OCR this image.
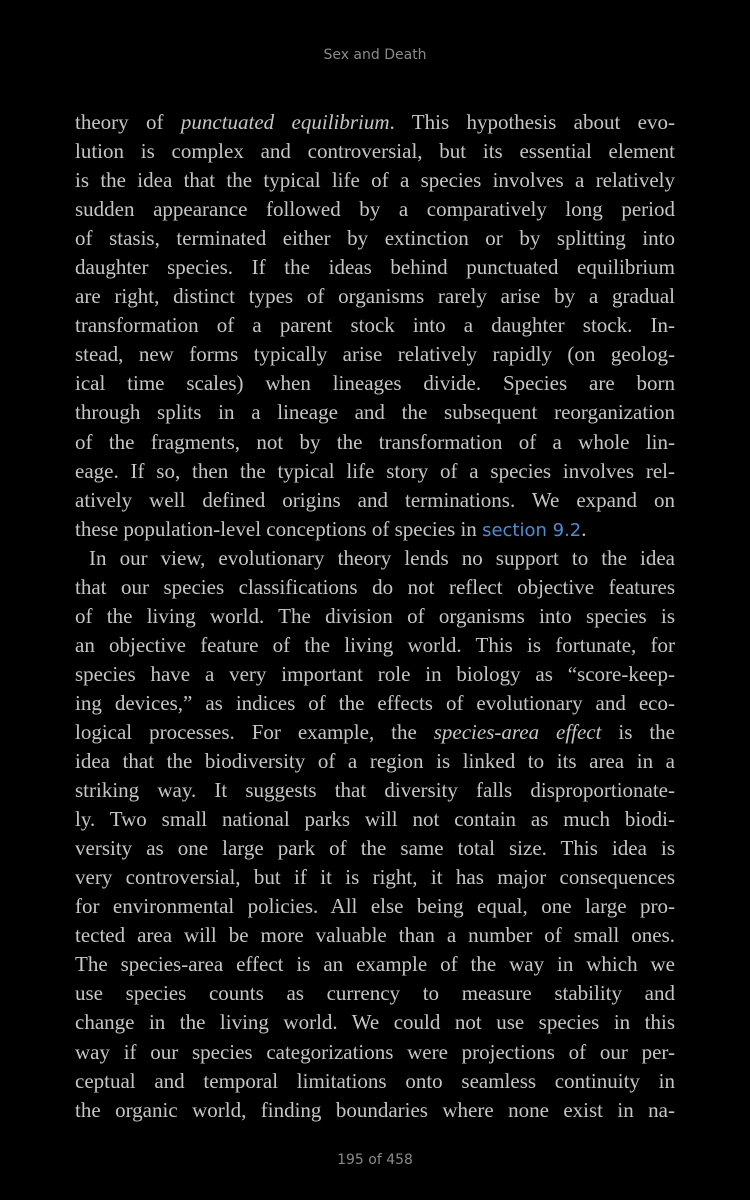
Sex and Death
theory of punctuated equilibrium. This hypothesis about evo-
lution is complex and controversial, but its essential element
is the idea that the typical life of a species involves a relatively
sudden appearance followed by a comparatively long period
of stasis, terminated either by extinction or by splitting into
daughter species. If the ideas behind punctuated equilibrium
are right, distinct types of organisms rarely arise by a gradual
transformation of a parent stock into a daughter stock. In-
stead, new forms typically arise relatively rapidly (on geolog-
ical time scales) when lineages divide. Species are born
through splits in a lineage and the subsequent reorganization
of the fragments, not by the transformation of a whole lin-
eage. If so, then the typical life story of a species involves rel-
atively well defined origins and terminations. We expand on
these population-level conceptions of species in section 9.2.
In our view, evolutionary theory lends no support to the idea
that our species classifications do not reflect objective features
of the living world. The division of organisms into species is
an objective feature of the living world. This is fortunate, for
species have a very important role in biology as “score-keep-
ing devices,” as indices of the effects of evolutionary and eco-
logical processes. For example, the species-area effect is the
idea that the biodiversity of a region is linked to its area in a
striking way. It suggests that diversity falls disproportionate-
ly. Two small national parks will not contain as much biodi-
versity as one large park of the same total size. This idea is
very controversial, but if it is right, it has major consequences
for environmental policies. All else being equal, one large pro-
tected area will be more valuable than a number of small ones.
The species-area effect is an example of the way in which we
use species counts as currency to measure stability and
change in the living world. We could not use species in this
way if our species categorizations were projections of our per-
ceptual and temporal limitations onto seamless continuity in
the organic world, finding boundaries where none exist in na-
195 of 458
